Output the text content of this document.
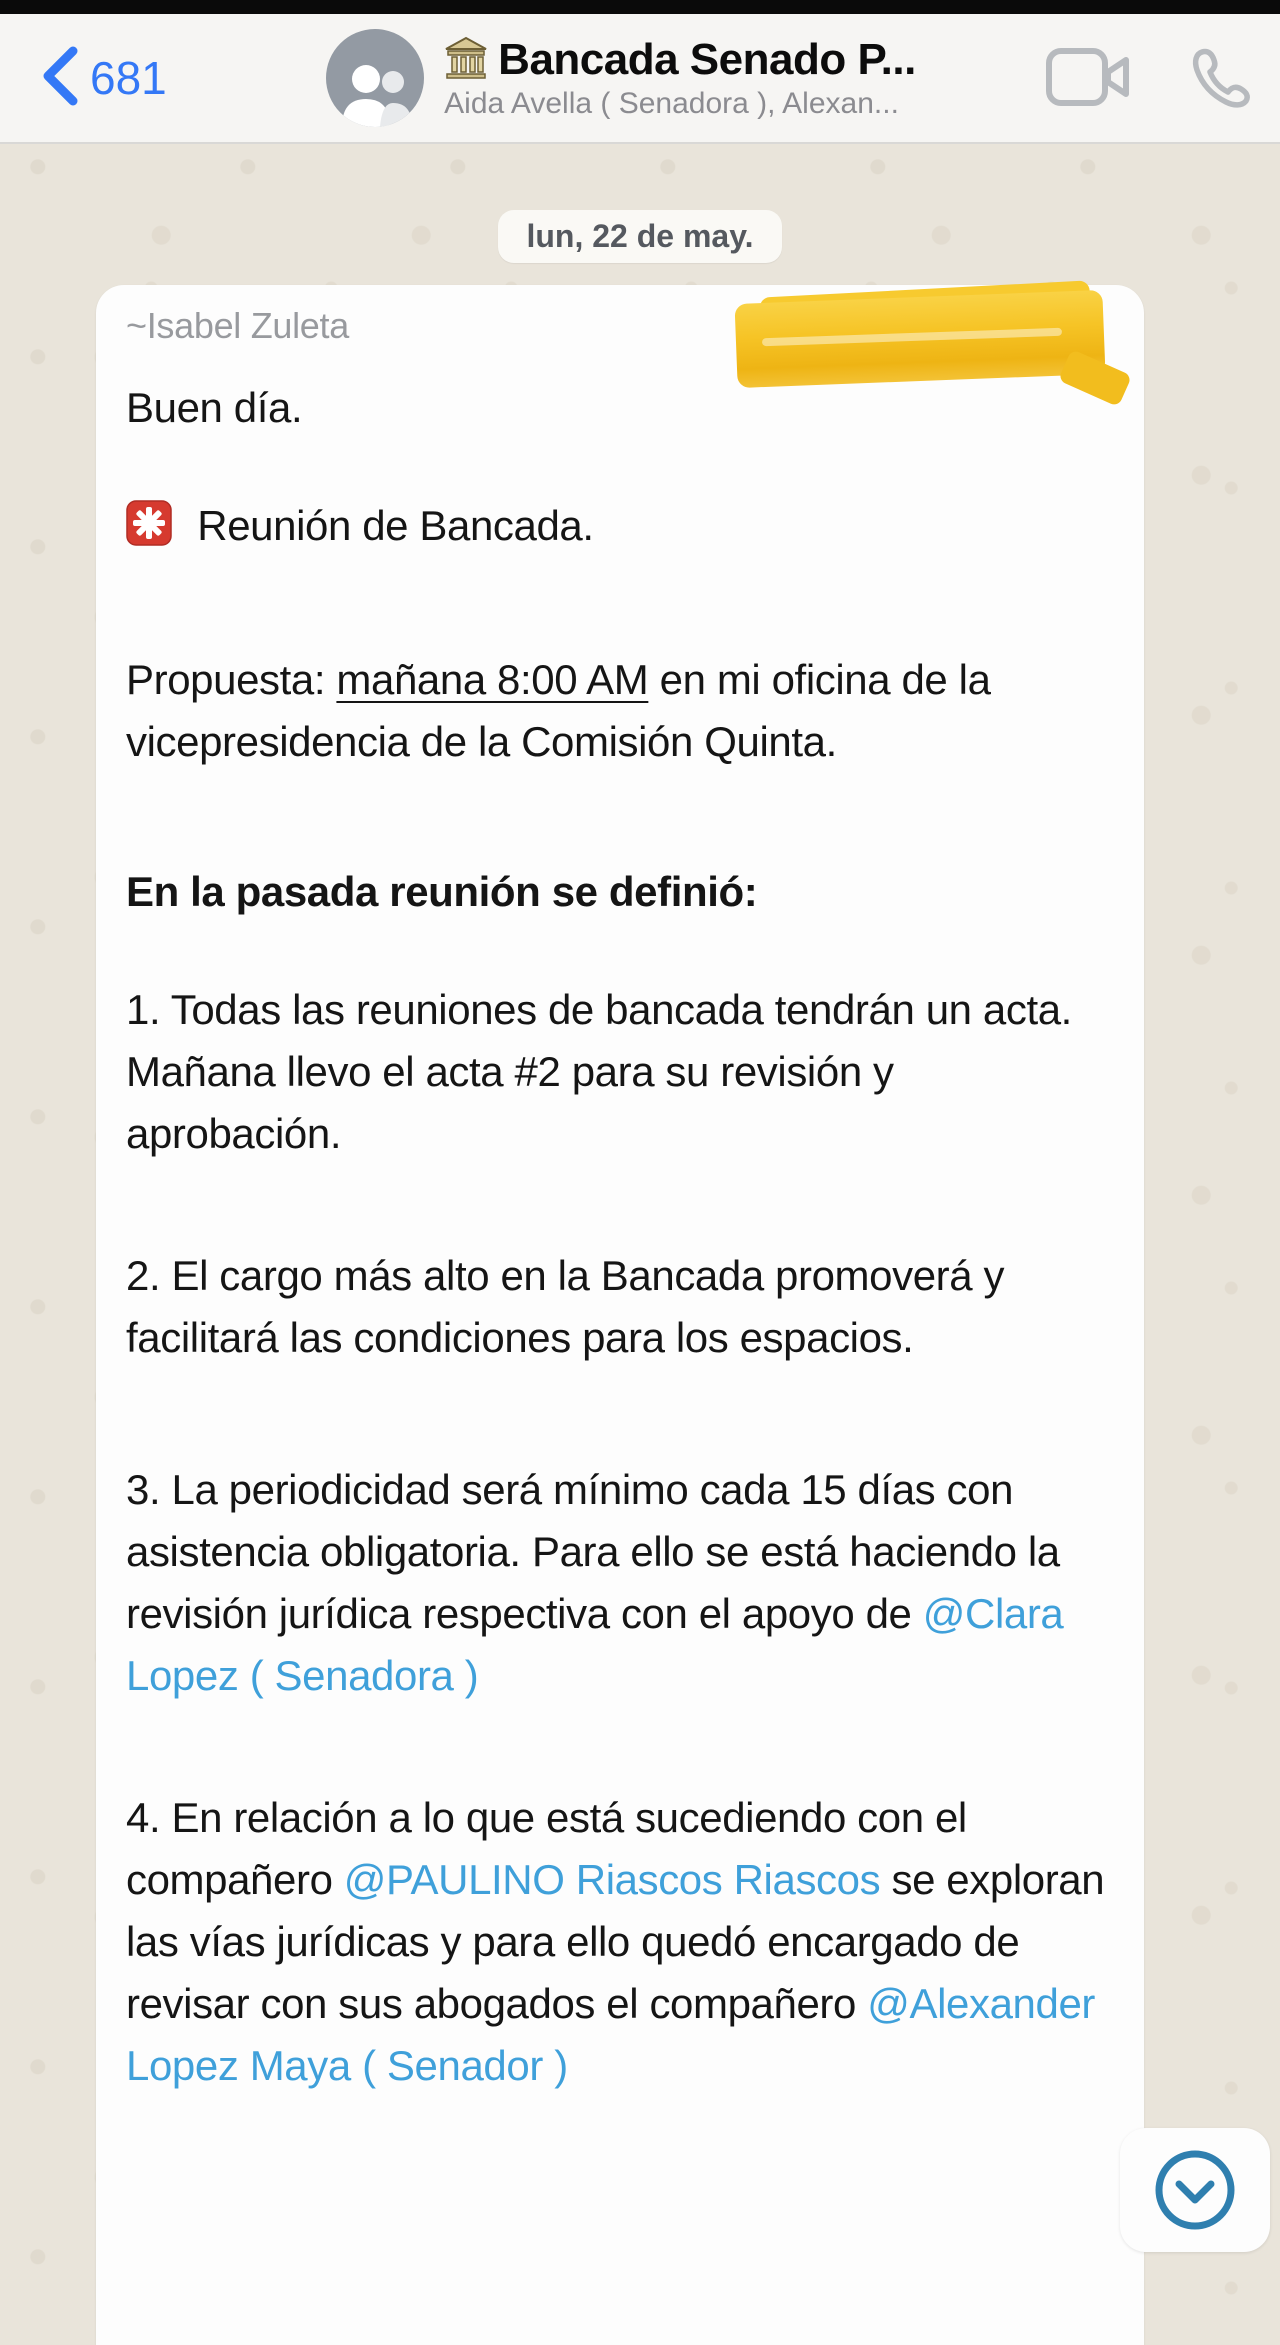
681	Bancada Senado P...
Aida Avella ( Senadora ), Alexan...
lun, 22 de may.
~Isabel Zuleta

Buen día.

Reunión de Bancada.

Propuesta: mañana 8:00 AM en mi oficina de la vicepresidencia de la Comisión Quinta.

En la pasada reunión se definió:

1. Todas las reuniones de bancada tendrán un acta. Mañana llevo el acta #2 para su revisión y aprobación.

2. El cargo más alto en la Bancada promoverá y facilitará las condiciones para los espacios.

3. La periodicidad será mínimo cada 15 días con asistencia obligatoria. Para ello se está haciendo la revisión jurídica respectiva con el apoyo de @Clara Lopez ( Senadora )

4. En relación a lo que está sucediendo con el compañero @PAULINO Riascos Riascos se exploran las vías jurídicas y para ello quedó encargado de revisar con sus abogados el compañero @Alexander Lopez Maya ( Senador )
